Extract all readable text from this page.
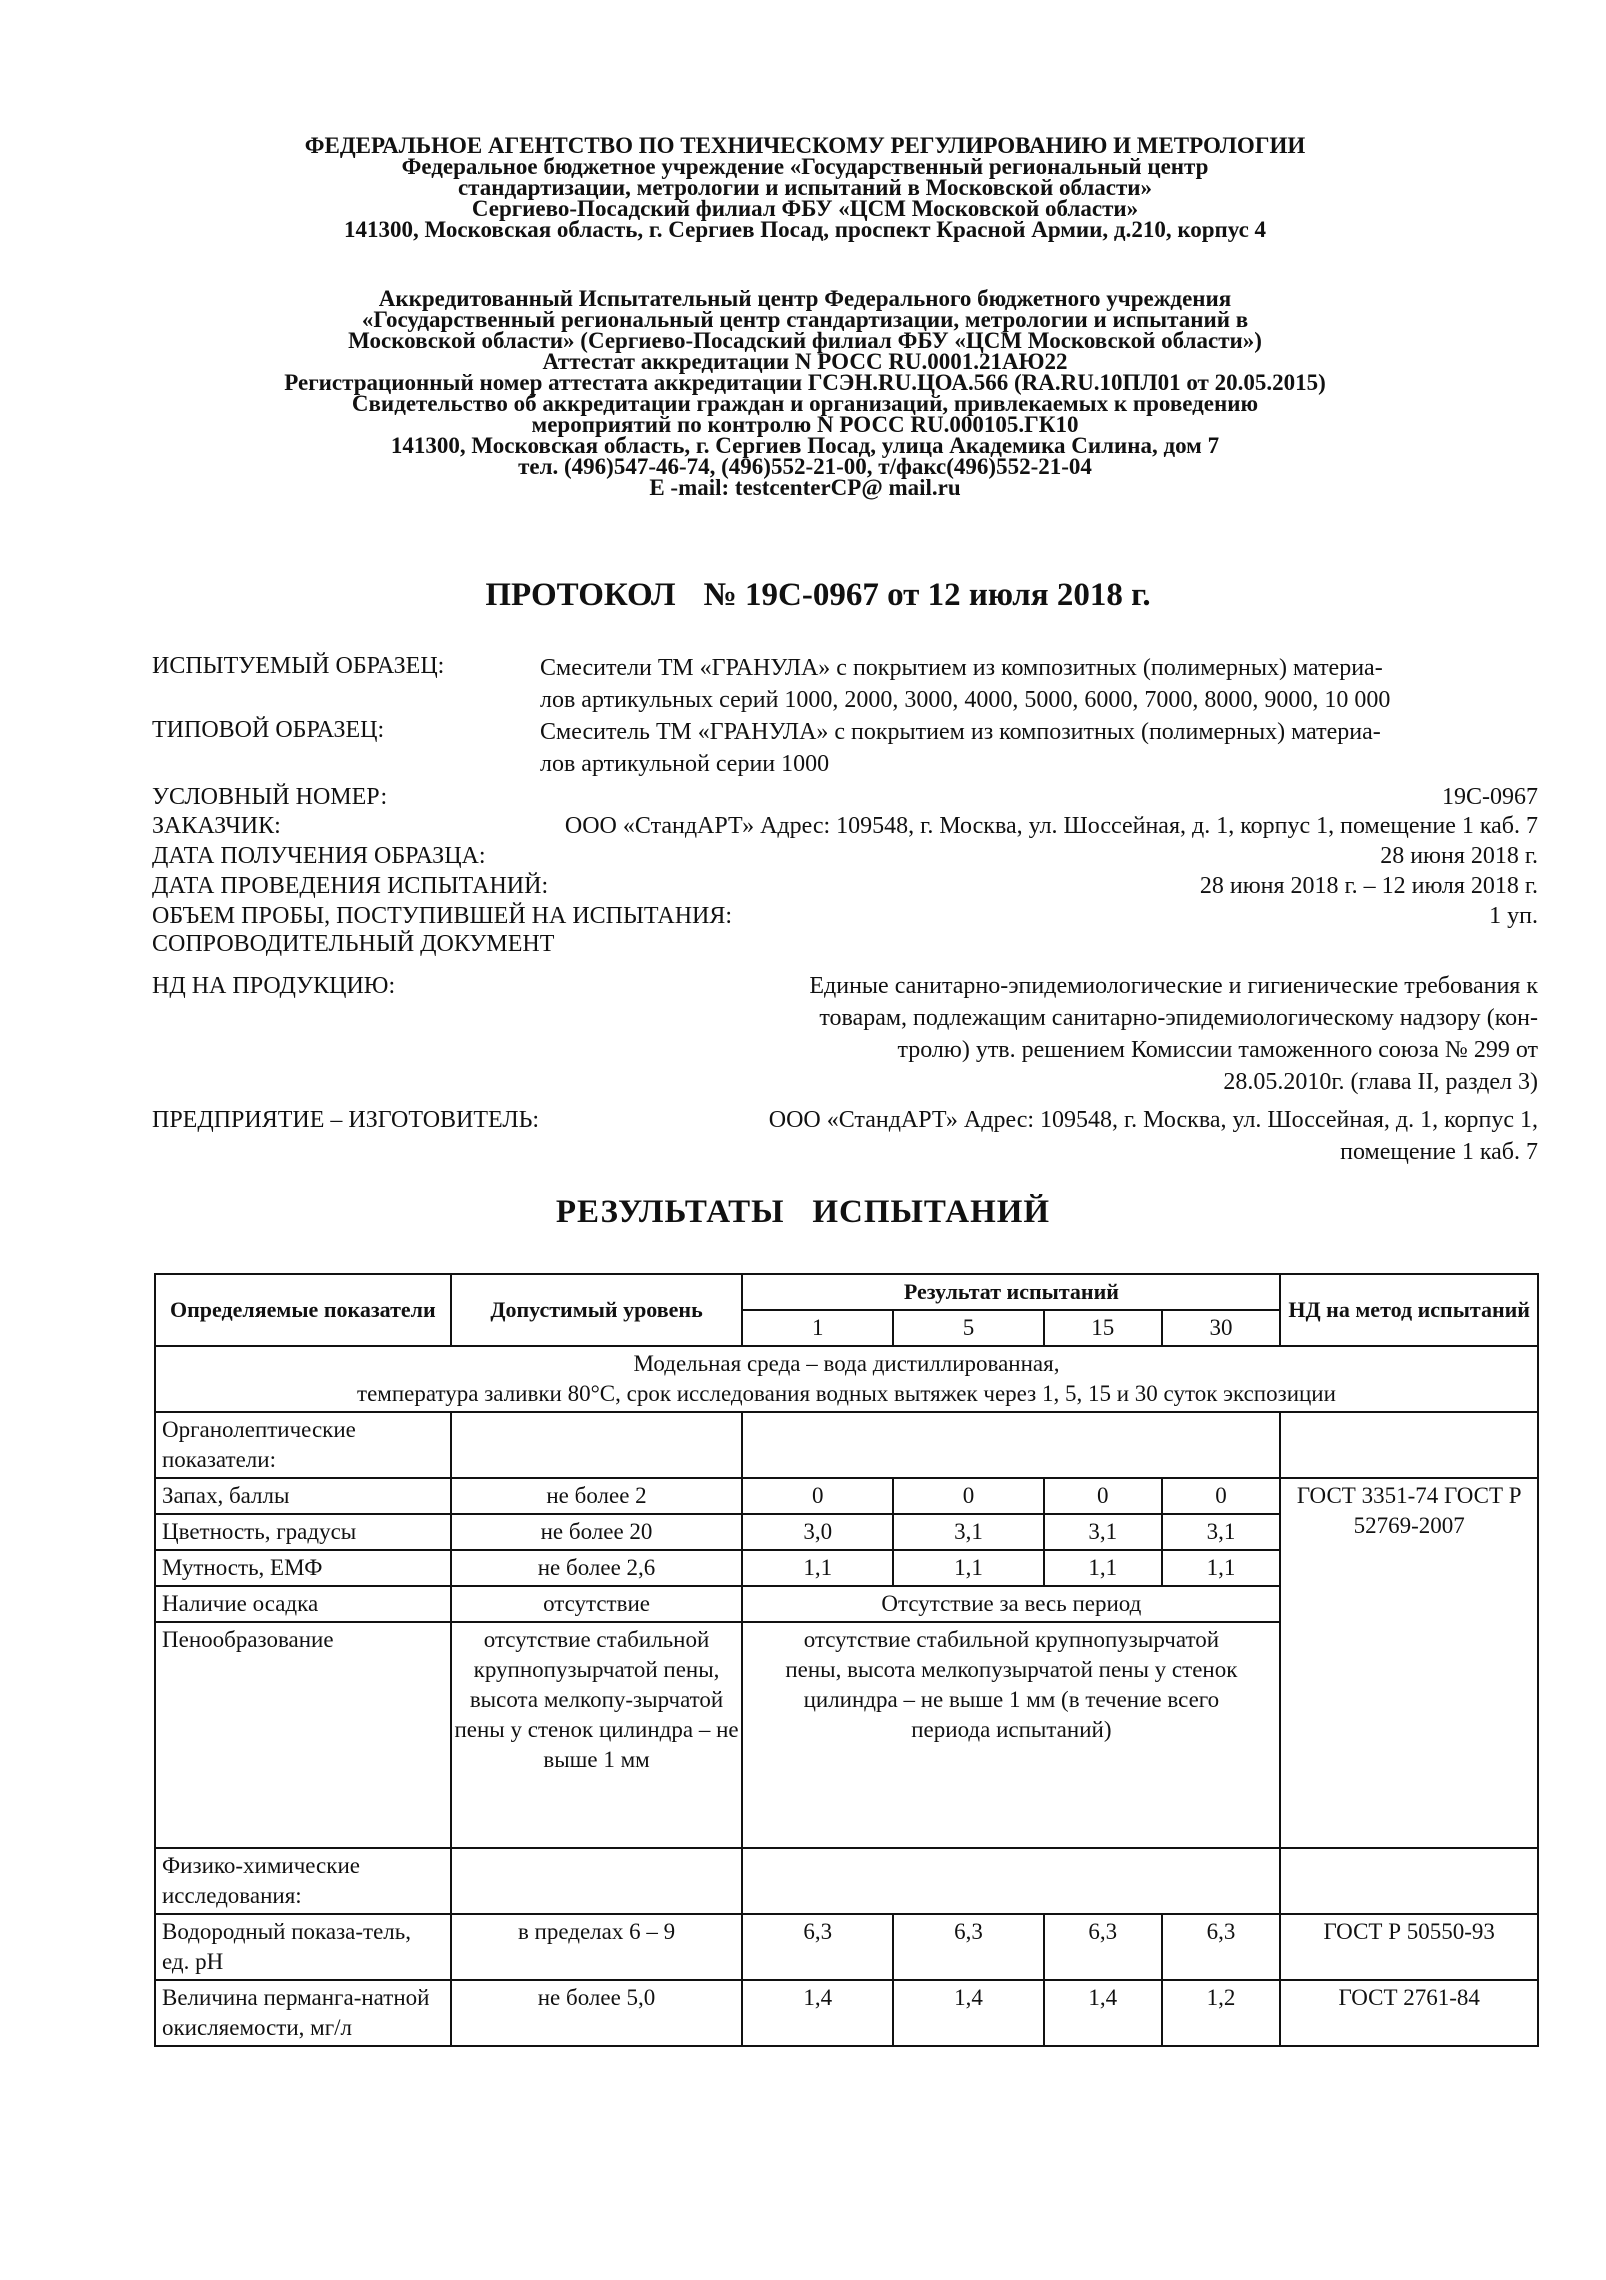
ФЕДЕРАЛЬНОЕ АГЕНТСТВО ПО ТЕХНИЧЕСКОМУ РЕГУЛИРОВАНИЮ И МЕТРОЛОГИИ
Федеральное бюджетное учреждение «Государственный региональный центр
стандартизации, метрологии и испытаний в Московской области»
Сергиево-Посадский филиал ФБУ «ЦСМ Московской области»
141300, Московская область, г. Сергиев Посад, проспект Красной Армии, д.210, корпус 4
Аккредитованный Испытательный центр Федерального бюджетного учреждения
«Государственный региональный центр стандартизации, метрологии и испытаний в
Московской области» (Сергиево-Посадский филиал ФБУ «ЦСМ Московской области»)
Аттестат аккредитации N РОСС RU.0001.21АЮ22
Регистрационный номер аттестата аккредитации ГСЭН.RU.ЦОА.566 (RA.RU.10ПЛ01 от 20.05.2015)
Свидетельство об аккредитации граждан и организаций, привлекаемых к проведению
мероприятий по контролю N РОСС RU.000105.ГК10
141300, Московская область, г. Сергиев Посад, улица Академика Силина, дом 7
тел. (496)547-46-74, (496)552-21-00, т/факс(496)552-21-04
E -mail: testcenterCP@ mail.ru
ПРОТОКОЛ № 19С-0967 от 12 июля 2018 г.
ИСПЫТУЕМЫЙ ОБРАЗЕЦ:	Смесители ТМ «ГРАНУЛА» с покрытием из композитных (полимерных) материа-
лов артикульных серий 1000, 2000, 3000, 4000, 5000, 6000, 7000, 8000, 9000, 10 000
ТИПОВОЙ ОБРАЗЕЦ:	Смеситель ТМ «ГРАНУЛА» с покрытием из композитных (полимерных) материа-
лов артикульной серии 1000
УСЛОВНЫЙ НОМЕР:	19С-0967
ЗАКАЗЧИК:	ООО «СтандАРТ» Адрес: 109548, г. Москва, ул. Шоссейная, д. 1, корпус 1, помещение 1 каб. 7
ДАТА ПОЛУЧЕНИЯ ОБРАЗЦА:	28 июня 2018 г.
ДАТА ПРОВЕДЕНИЯ ИСПЫТАНИЙ:	28 июня 2018 г. – 12 июля 2018 г.
ОБЪЕМ ПРОБЫ, ПОСТУПИВШЕЙ НА ИСПЫТАНИЯ:	1 уп.
СОПРОВОДИТЕЛЬНЫЙ ДОКУМЕНТ
НД НА ПРОДУКЦИЮ:	Единые санитарно-эпидемиологические и гигиенические требования к
товарам, подлежащим санитарно-эпидемиологическому надзору (кон-
тролю) утв. решением Комиссии таможенного союза № 299 от
28.05.2010г. (глава II, раздел 3)
ПРЕДПРИЯТИЕ – ИЗГОТОВИТЕЛЬ:	ООО «СтандАРТ» Адрес: 109548, г. Москва, ул. Шоссейная, д. 1, корпус 1,
помещение 1 каб. 7
РЕЗУЛЬТАТЫ   ИСПЫТАНИЙ
Определяемые показатели	Допустимый уровень	Результат испытаний				НД на метод испытаний
		1	5	15	30	

Модельная среда – вода дистиллированная,
температура заливки 80°С, срок исследования водных вытяжек через 1, 5, 15 и 30 суток экспозиции						

Органолептические показатели:						
Запах, баллы	не более 2	0	0	0	0	ГОСТ 3351-74 ГОСТ Р 52769-2007
Цветность, градусы	не более 20	3,0	3,1	3,1	3,1	
Мутность, ЕМФ	не более 2,6	1,1	1,1	1,1	1,1	
Наличие осадка	отсутствие	Отсутствие за весь период				
Пенообразование	отсутствие стабильной крупнопузырчатой пены, высота мелкопу-зырчатой пены у стенок цилиндра – не выше 1 мм	отсутствие стабильной крупнопузырчатой пены, высота мелкопузырчатой пены у стенок цилиндра – не выше 1 мм (в течение всего периода испытаний)				
Физико-химические исследования:						
Водородный показа-тель, ед. рН	в пределах 6 – 9	6,3	6,3	6,3	6,3	ГОСТ Р 50550-93
Величина перманга-натной окисляемости, мг/л	не более 5,0	1,4	1,4	1,4	1,2	ГОСТ 2761-84
